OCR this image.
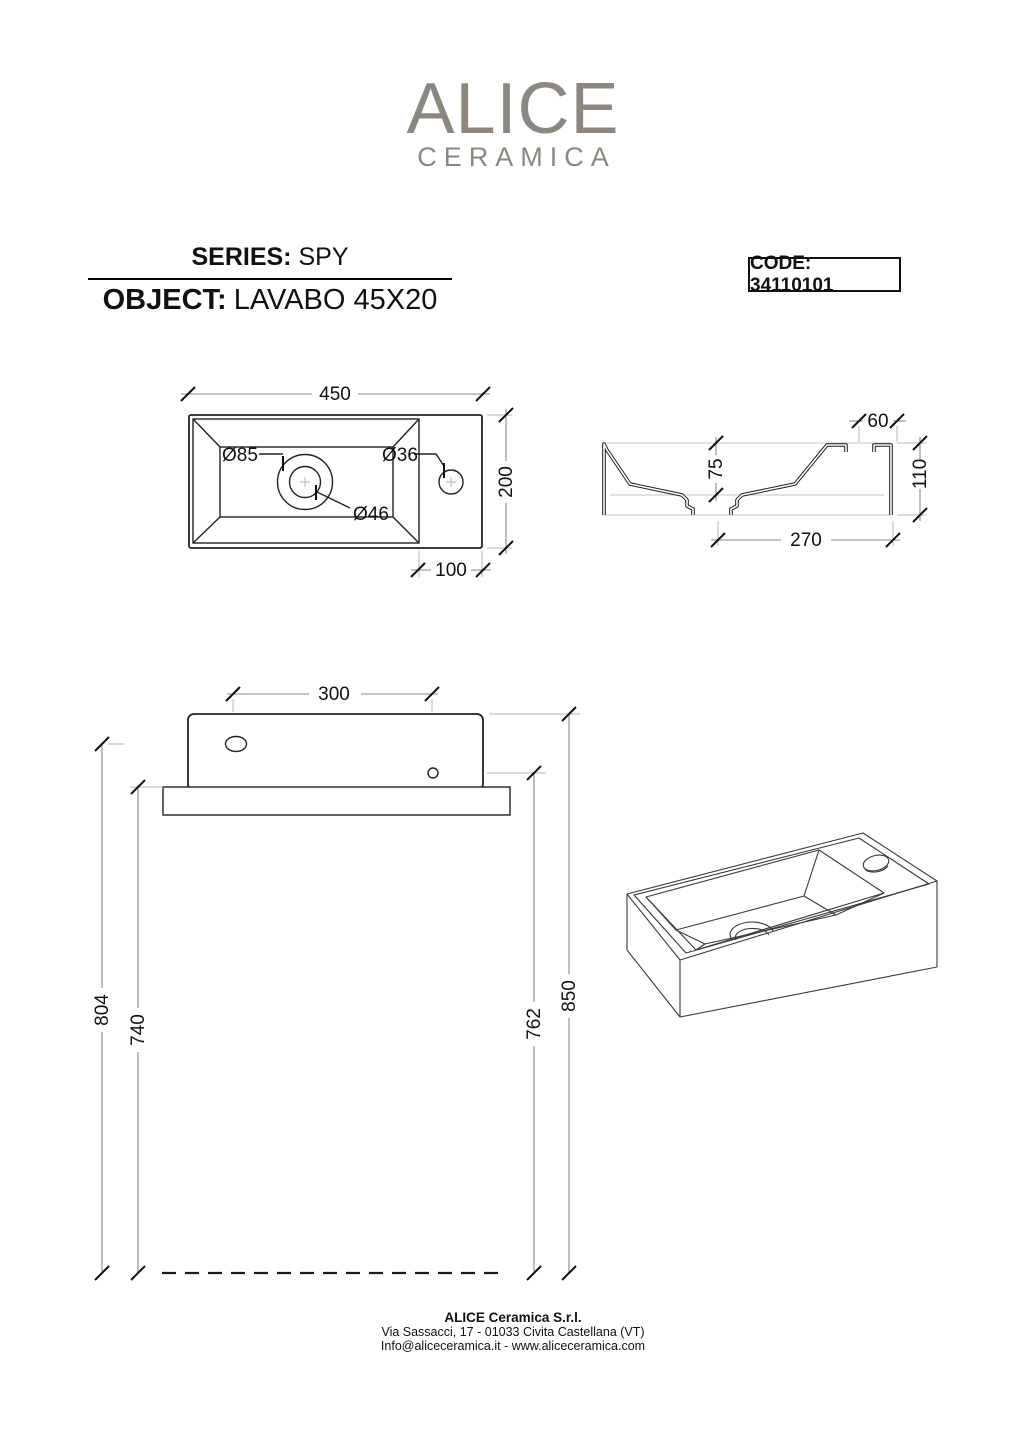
ALICE
CERAMICA
SERIES: SPY
OBJECT: LAVABO 45X20
CODE: 34110101
450
200
100
Ø85
Ø46
Ø36
60
75	110
270
300
804
740	762
850
ALICE Ceramica S.r.l.
Via Sassacci, 17 - 01033 Civita Castellana (VT)
Info@aliceceramica.it - www.aliceceramica.com
